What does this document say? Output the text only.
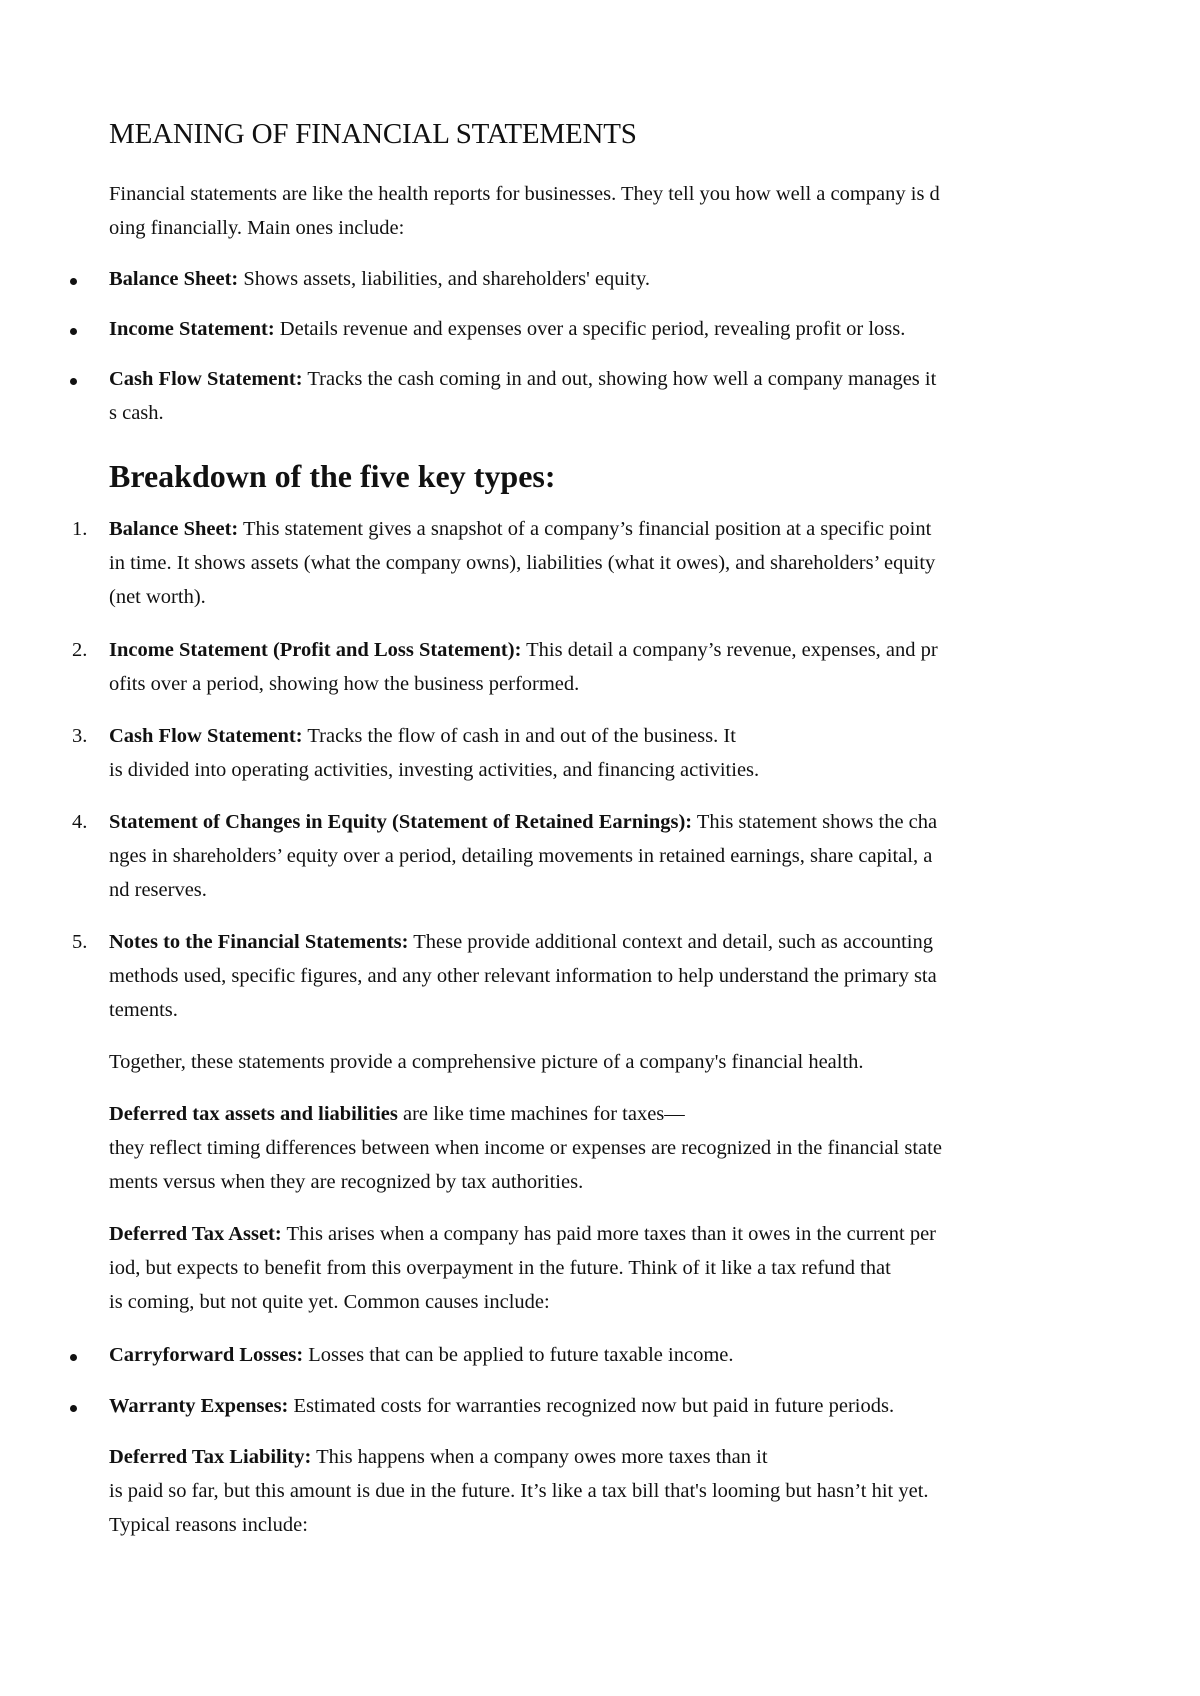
MEANING OF FINANCIAL STATEMENTS
Financial statements are like the health reports for businesses. They tell you how well a company is d
oing financially. Main ones include:
Balance Sheet: Shows assets, liabilities, and shareholders' equity.
Income Statement: Details revenue and expenses over a specific period, revealing profit or loss.
Cash Flow Statement: Tracks the cash coming in and out, showing how well a company manages it
s cash.
Breakdown of the five key types:
1. Balance Sheet: This statement gives a snapshot of a company’s financial position at a specific point
in time. It shows assets (what the company owns), liabilities (what it owes), and shareholders’ equity
(net worth).
2. Income Statement (Profit and Loss Statement): This detail a company’s revenue, expenses, and pr
ofits over a period, showing how the business performed.
3. Cash Flow Statement: Tracks the flow of cash in and out of the business. It
is divided into operating activities, investing activities, and financing activities.
4. Statement of Changes in Equity (Statement of Retained Earnings): This statement shows the cha
nges in shareholders’ equity over a period, detailing movements in retained earnings, share capital, a
nd reserves.
5. Notes to the Financial Statements: These provide additional context and detail, such as accounting
methods used, specific figures, and any other relevant information to help understand the primary sta
tements.
Together, these statements provide a comprehensive picture of a company's financial health.
Deferred tax assets and liabilities are like time machines for taxes—
they reflect timing differences between when income or expenses are recognized in the financial state
ments versus when they are recognized by tax authorities.
Deferred Tax Asset: This arises when a company has paid more taxes than it owes in the current per
iod, but expects to benefit from this overpayment in the future. Think of it like a tax refund that
is coming, but not quite yet. Common causes include:
Carryforward Losses: Losses that can be applied to future taxable income.
Warranty Expenses: Estimated costs for warranties recognized now but paid in future periods.
Deferred Tax Liability: This happens when a company owes more taxes than it
is paid so far, but this amount is due in the future. It’s like a tax bill that's looming but hasn’t hit yet.
Typical reasons include:
